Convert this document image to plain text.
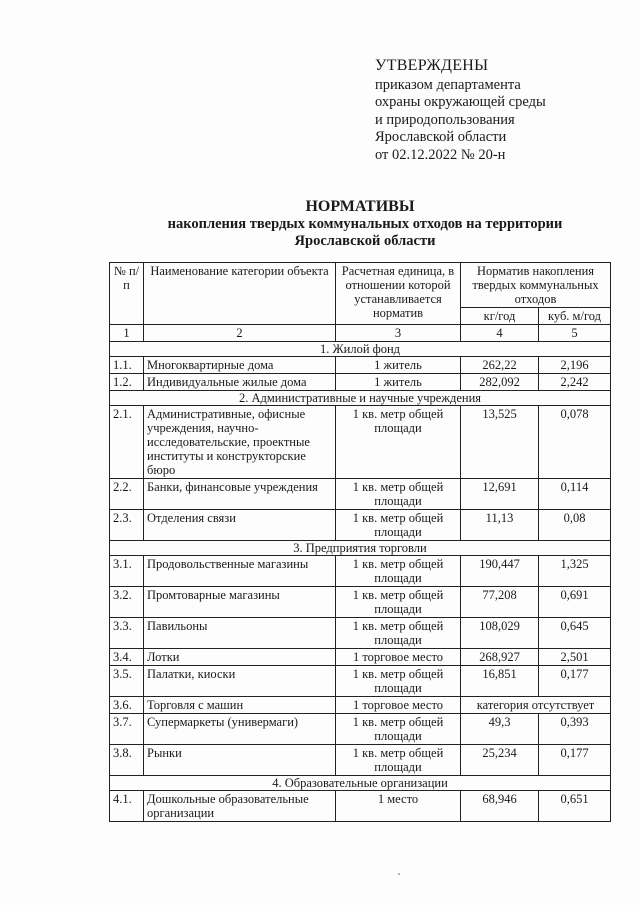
УТВЕРЖДЕНЫ
приказом департамента
охраны окружающей среды
и природопользования
Ярославской области
от 02.12.2022 № 20-н
НОРМАТИВЫ
накопления твердых коммунальных отходов на территории
Ярославской области
№ п/п	Наименование категории объекта	Расчетная единица, в отношении которой устанавливается норматив	Норматив накопления твердых коммунальных отходов	
			кг/год	куб. м/год
1	2	3	4	5
1. Жилой фонд				
1.1.	Многоквартирные дома	1 житель	262,22	2,196
1.2.	Индивидуальные жилые дома	1 житель	282,092	2,242
2. Административные и научные учреждения				
2.1.	Административные, офисные учреждения, научно-исследовательские, проектные институты и конструкторские бюро	1 кв. метр общей площади	13,525	0,078
2.2.	Банки, финансовые учреждения	1 кв. метр общей площади	12,691	0,114
2.3.	Отделения связи	1 кв. метр общей площади	11,13	0,08
3. Предприятия торговли				
3.1.	Продовольственные магазины	1 кв. метр общей площади	190,447	1,325
3.2.	Промтоварные магазины	1 кв. метр общей площади	77,208	0,691
3.3.	Павильоны	1 кв. метр общей площади	108,029	0,645
3.4.	Лотки	1 торговое место	268,927	2,501
3.5.	Палатки, киоски	1 кв. метр общей площади	16,851	0,177
3.6.	Торговля с машин	1 торговое место	категория отсутствует	
3.7.	Супермаркеты (универмаги)	1 кв. метр общей площади	49,3	0,393
3.8.	Рынки	1 кв. метр общей площади	25,234	0,177
4. Образовательные организации				
4.1.	Дошкольные образовательные организации	1 место	68,946	0,651
